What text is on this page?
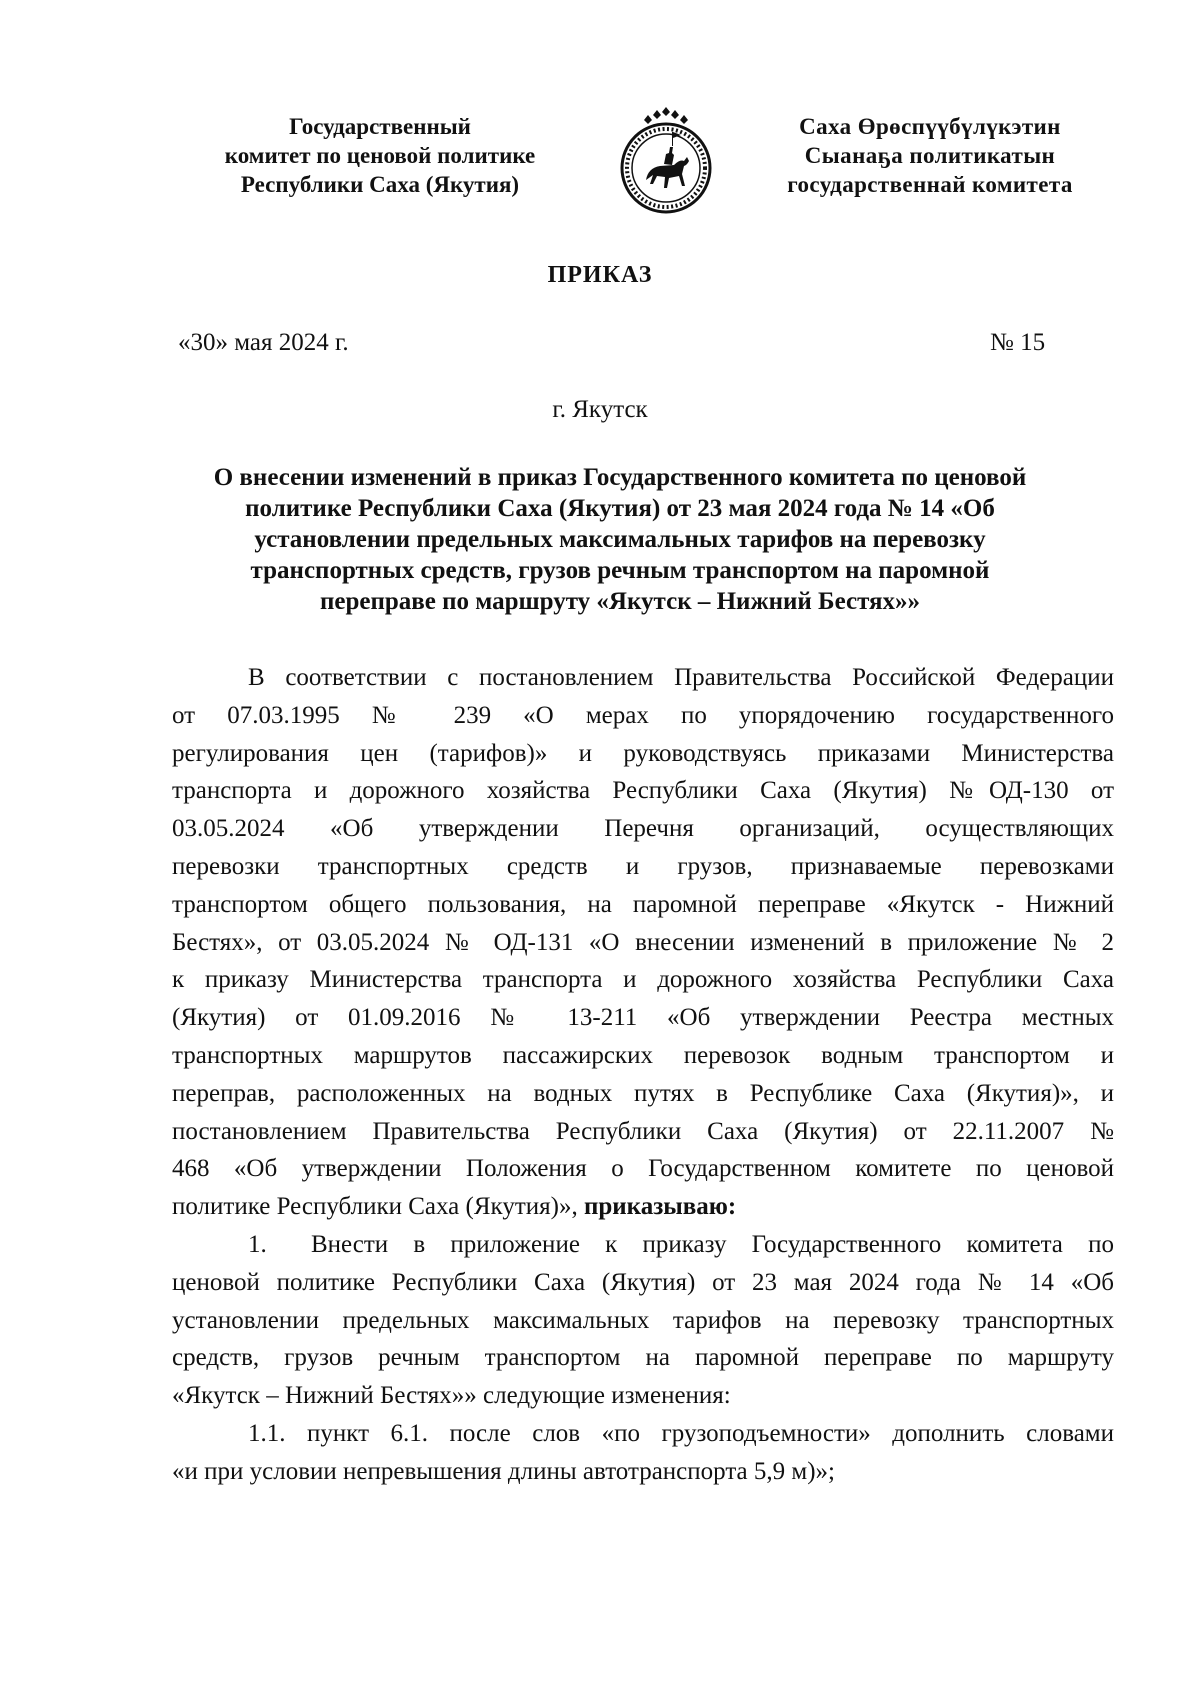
Государственный
комитет по ценовой политике
Республики Саха (Якутия)
Саха Өрөспүүбүлүкэтин
Сыанаҕа политикатын
государственнай комитета
ПРИКАЗ
«30» мая 2024 г.	№ 15
г. Якутск
О внесении изменений в приказ Государственного комитета по ценовой
политике Республики Саха (Якутия) от 23 мая 2024 года № 14 «Об
установлении предельных максимальных тарифов на перевозку
транспортных средств, грузов речным транспортом на паромной
переправе по маршруту «Якутск – Нижний Бестях»»
В соответствии с постановлением Правительства Российской Федерации
от 07.03.1995 № 239 «О мерах по упорядочению государственного
регулирования цен (тарифов)» и руководствуясь приказами Министерства
транспорта и дорожного хозяйства Республики Саха (Якутия) №ОД-130 от
03.05.2024 «Об утверждении Перечня организаций, осуществляющих
перевозки транспортных средств и грузов, признаваемые перевозками
транспортом общего пользования, на паромной переправе «Якутск - Нижний
Бестях», от 03.05.2024 № ОД-131 «О внесении изменений в приложение № 2
к приказу Министерства транспорта и дорожного хозяйства Республики Саха
(Якутия) от 01.09.2016 № 13-211 «Об утверждении Реестра местных
транспортных маршрутов пассажирских перевозок водным транспортом и
переправ, расположенных на водных путях в Республике Саха (Якутия)», и
постановлением Правительства Республики Саха (Якутия) от 22.11.2007 №
468 «Об утверждении Положения о Государственном комитете по ценовой
политике Республики Саха (Якутия)», приказываю:
1. Внести в приложение к приказу Государственного комитета по
ценовой политике Республики Саха (Якутия) от 23 мая 2024 года № 14 «Об
установлении предельных максимальных тарифов на перевозку транспортных
средств, грузов речным транспортом на паромной переправе по маршруту
«Якутск – Нижний Бестях»» следующие изменения:
1.1. пункт 6.1. после слов «по грузоподъемности» дополнить словами
«и при условии непревышения длины автотранспорта 5,9 м)»;
